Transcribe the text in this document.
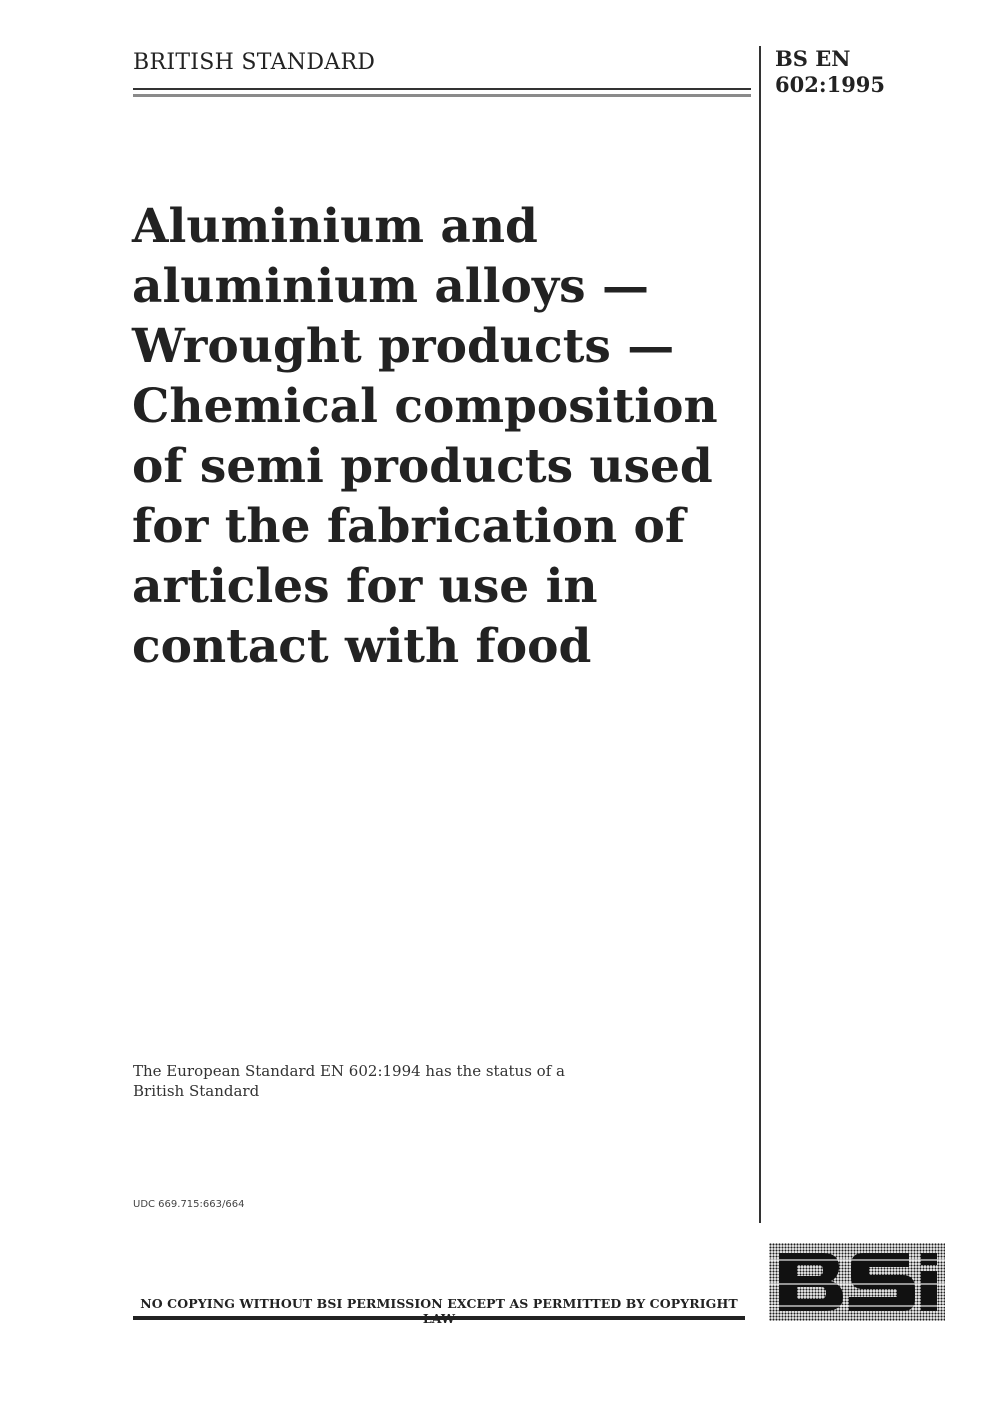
BRITISH STANDARD	BS EN
602:1995
Aluminium and
aluminium alloys —
Wrought products —
Chemical composition
of semi products used
for the fabrication of
articles for use in
contact with food
The European Standard EN 602:1994 has the status of a
British Standard
UDC 669.715:663/664
NO COPYING WITHOUT BSI PERMISSION EXCEPT AS PERMITTED BY COPYRIGHT
